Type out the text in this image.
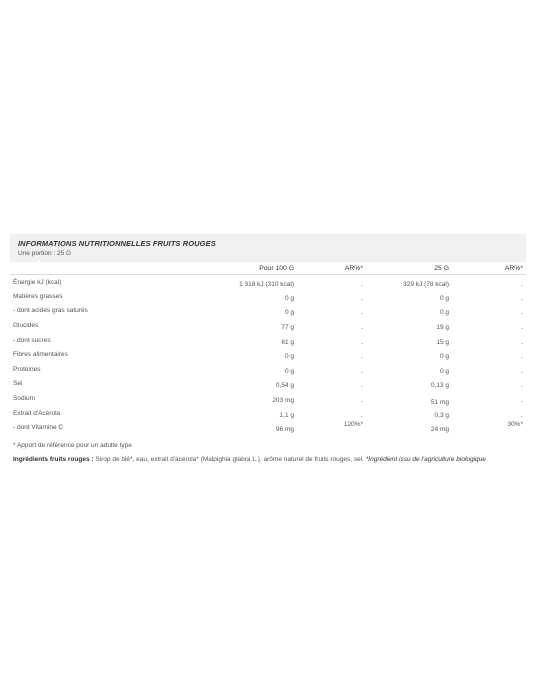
INFORMATIONS NUTRITIONNELLES FRUITS ROUGES
Une portion : 25 G
	Pour 100 G	AR%*	25 G	AR%*
Énergie kJ (kcal)	1 318 kJ (310 kcal)	-	329 kJ (78 kcal)	-
Matières grasses	0 g	-	0 g	-
- dont acides gras saturés	0 g	-	0 g	-
Glucides	77 g	-	19 g	-
- dont sucres	61 g	-	15 g	-
Fibres alimentaires	0 g	-	0 g	-
Protéines	0 g	-	0 g	-
Sel	0,54 g	-	0,13 g	-
Sodium	203 mg	-	51 mg	-
Extrait d'Acérola	1,1 g	-	0,3 g	-
- dont Vitamine C	96 mg	120%*	24 mg	30%*
* Apport de référence pour un adulte type
Ingrédients fruits rouges : Sirop de blé*, eau, extrait d'acérola* (Malpighia glabra L.), arôme naturel de fruits rouges, sel. *Ingrédient issu de l'agriculture biologique
